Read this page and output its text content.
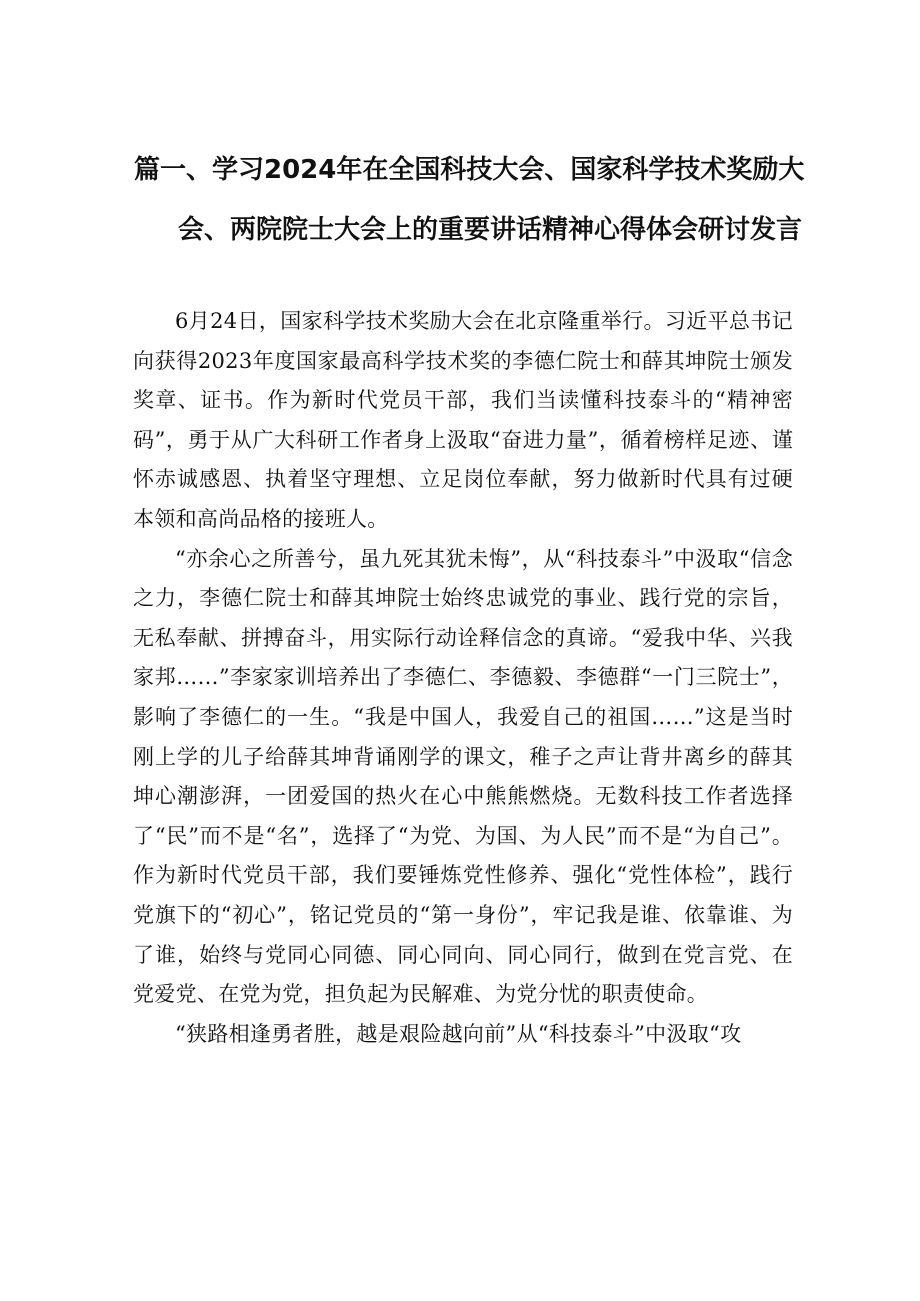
篇一、学习2024年在全国科技大会、国家科学技术奖励大
会、两院院士大会上的重要讲话精神心得体会研讨发言

6月24日，国家科学技术奖励大会在北京隆重举行。习近平总书记向获得2023年度国家最高科学技术奖的李德仁院士和薛其坤院士颁发奖章、证书。作为新时代党员干部，我们当读懂科技泰斗的“精神密码”，勇于从广大科研工作者身上汲取“奋进力量”，循着榜样足迹、谨怀赤诚感恩、执着坚守理想、立足岗位奉献，努力做新时代具有过硬本领和高尚品格的接班人。

“亦余心之所善兮，虽九死其犹未悔”，从“科技泰斗”中汲取“信念之力，李德仁院士和薛其坤院士始终忠诚党的事业、践行党的宗旨，无私奉献、拼搏奋斗，用实际行动诠释信念的真谛。“爱我中华、兴我家邦……”李家家训培养出了李德仁、李德毅、李德群“一门三院士”，影响了李德仁的一生。“我是中国人，我爱自己的祖国……”这是当时刚上学的儿子给薛其坤背诵刚学的课文，稚子之声让背井离乡的薛其坤心潮澎湃，一团爱国的热火在心中熊熊燃烧。无数科技工作者选择了“民”而不是“名”，选择了“为党、为国、为人民”而不是“为自己”。作为新时代党员干部，我们要锤炼党性修养、强化“党性体检”，践行党旗下的“初心”，铭记党员的“第一身份”，牢记我是谁、依靠谁、为了谁，始终与党同心同德、同心同向、同心同行，做到在党言党、在党爱党、在党为党，担负起为民解难、为党分忧的职责使命。

“狭路相逢勇者胜，越是艰险越向前”从“科技泰斗”中汲取“攻
